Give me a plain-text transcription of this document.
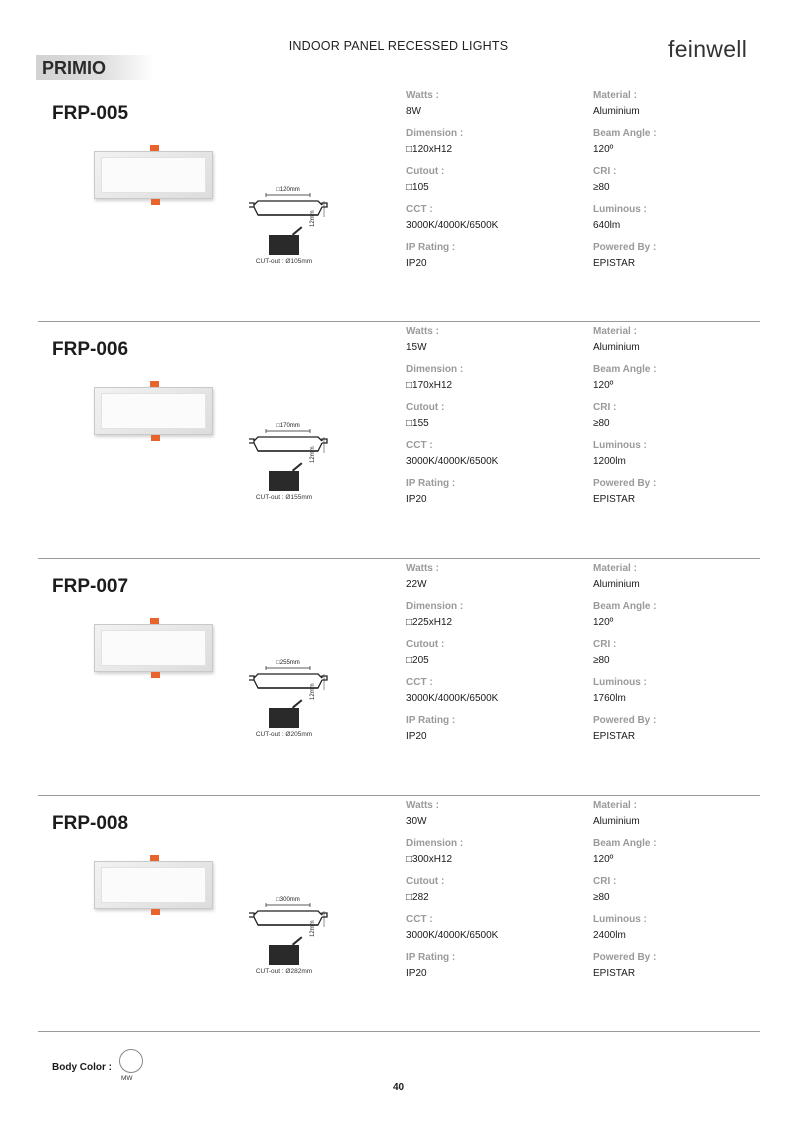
INDOOR PANEL RECESSED LIGHTS	feinwell
PRIMIO
FRP-005
□120mm
12mm
CUT-out : Ø105mm
Watts :
8W
Material :
Aluminium
Dimension :
□120xH12
Beam Angle :
120º
Cutout :
□105
CRI :
≥80
CCT :
3000K/4000K/6500K
Luminous :
640lm
IP Rating :
IP20
Powered By :
EPISTAR
FRP-006
□170mm
12mm
CUT-out : Ø155mm
Watts :
15W
Material :
Aluminium
Dimension :
□170xH12
Beam Angle :
120º
Cutout :
□155
CRI :
≥80
CCT :
3000K/4000K/6500K
Luminous :
1200lm
IP Rating :
IP20
Powered By :
EPISTAR
FRP-007
□255mm
12mm
CUT-out : Ø205mm
Watts :
22W
Material :
Aluminium
Dimension :
□225xH12
Beam Angle :
120º
Cutout :
□205
CRI :
≥80
CCT :
3000K/4000K/6500K
Luminous :
1760lm
IP Rating :
IP20
Powered By :
EPISTAR
FRP-008
□300mm
12mm
CUT-out : Ø282mm
Watts :
30W
Material :
Aluminium
Dimension :
□300xH12
Beam Angle :
120º
Cutout :
□282
CRI :
≥80
CCT :
3000K/4000K/6500K
Luminous :
2400lm
IP Rating :
IP20
Powered By :
EPISTAR
Body Color :
MW
40
